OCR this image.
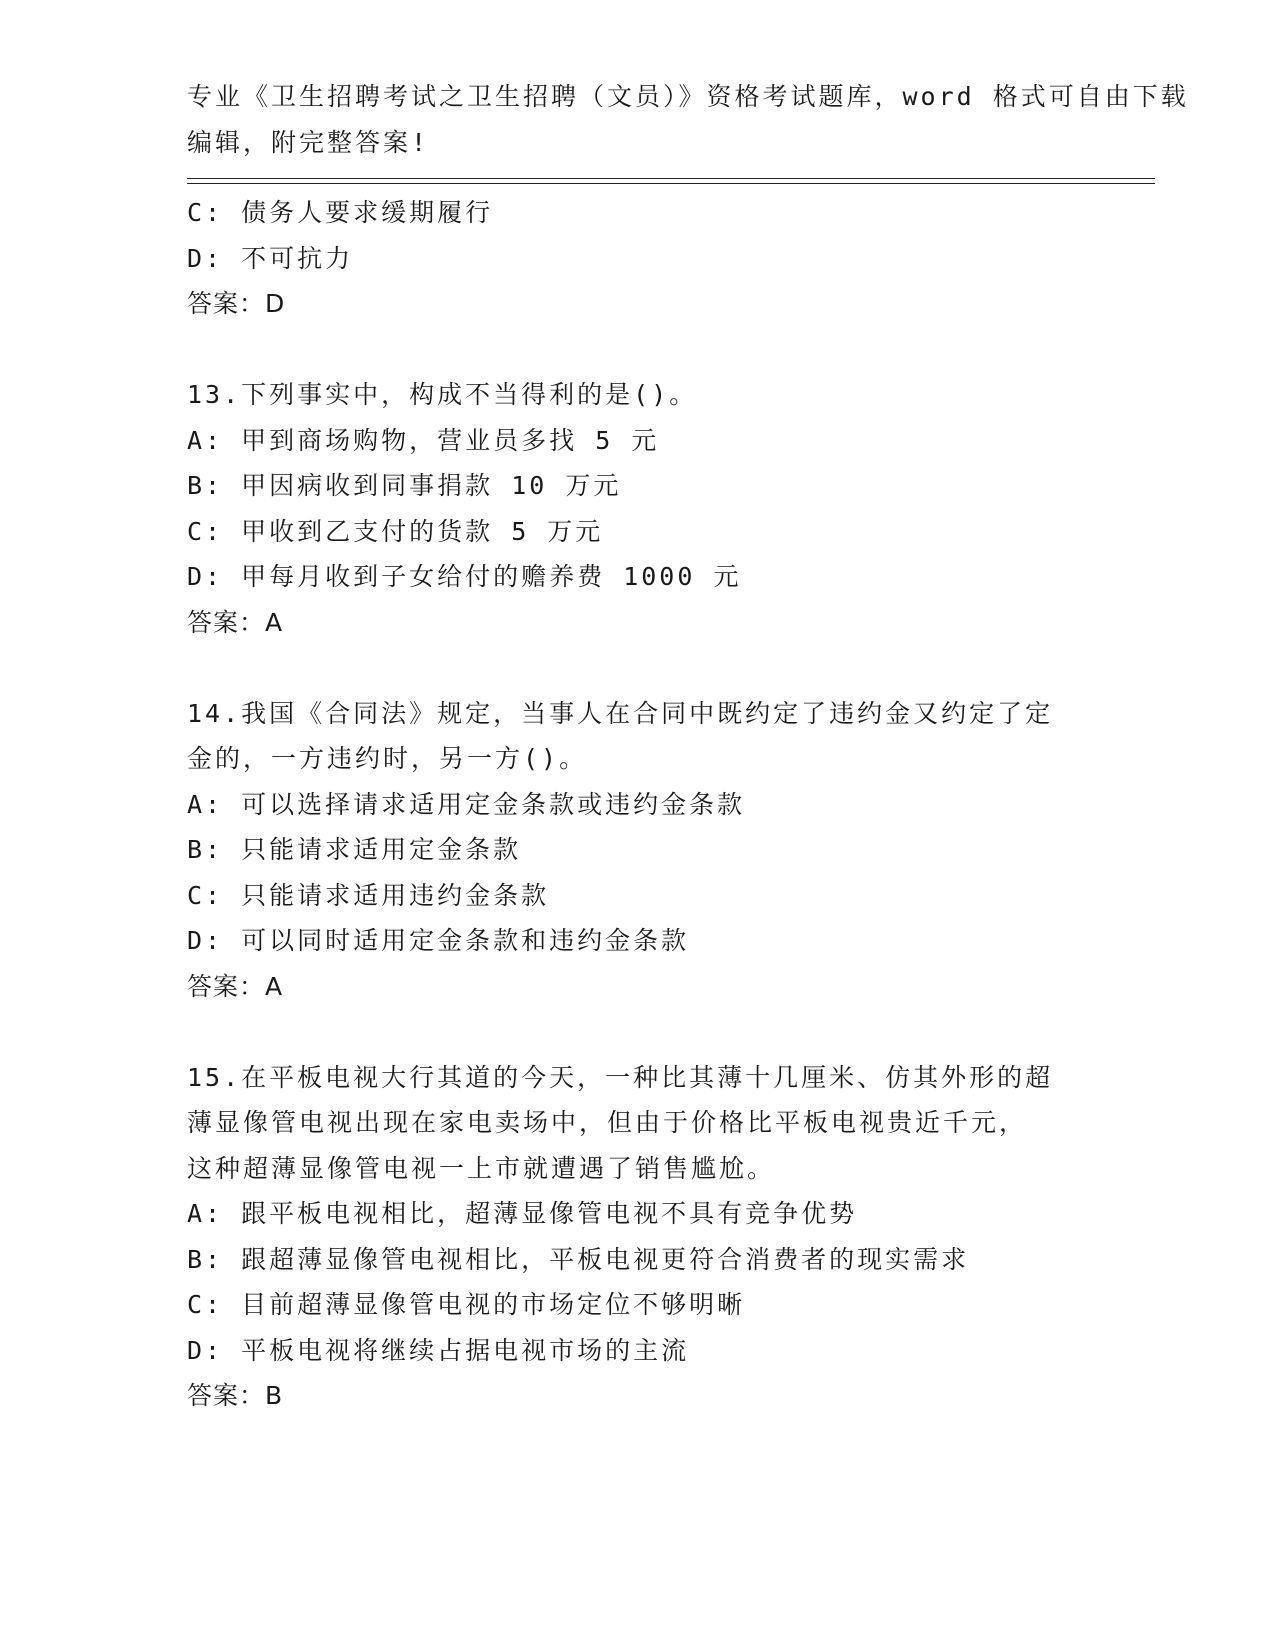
专业《卫生招聘考试之卫生招聘（文员）》资格考试题库，word 格式可自由下载
编辑，附完整答案!
C: 债务人要求缓期履行
D: 不可抗力
答案：D
13.下列事实中，构成不当得利的是()。
A: 甲到商场购物，营业员多找 5 元
B: 甲因病收到同事捐款 10 万元
C: 甲收到乙支付的货款 5 万元
D: 甲每月收到子女给付的赡养费 1000 元
答案：A
14.我国《合同法》规定，当事人在合同中既约定了违约金又约定了定
金的，一方违约时，另一方()。
A: 可以选择请求适用定金条款或违约金条款
B: 只能请求适用定金条款
C: 只能请求适用违约金条款
D: 可以同时适用定金条款和违约金条款
答案：A
15.在平板电视大行其道的今天，一种比其薄十几厘米、仿其外形的超
薄显像管电视出现在家电卖场中，但由于价格比平板电视贵近千元，
这种超薄显像管电视一上市就遭遇了销售尴尬。
A: 跟平板电视相比，超薄显像管电视不具有竞争优势
B: 跟超薄显像管电视相比，平板电视更符合消费者的现实需求
C: 目前超薄显像管电视的市场定位不够明晰
D: 平板电视将继续占据电视市场的主流
答案：B
